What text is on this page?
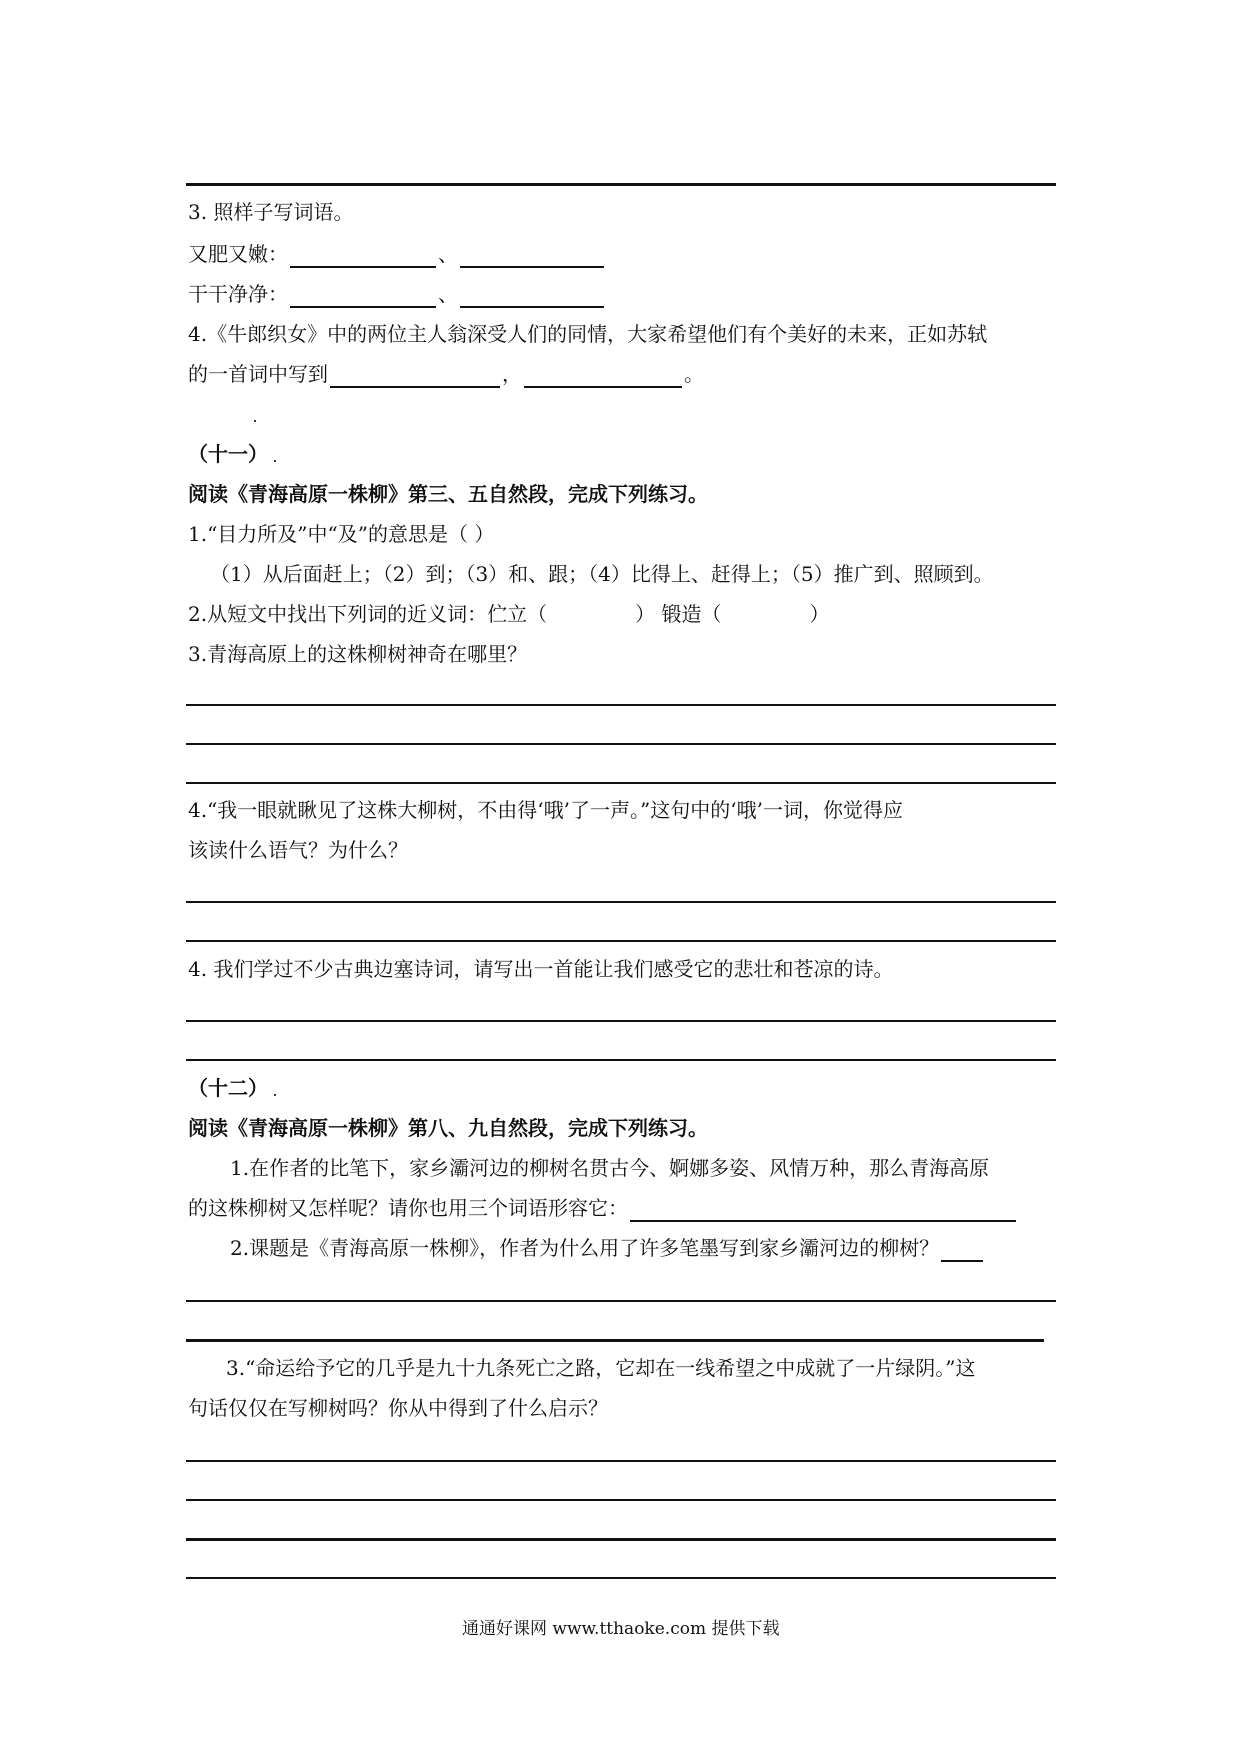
3. 照样子写词语。
又肥又嫩：	、
干干净净：	、
4.《牛郎织女》中的两位主人翁深受人们的同情，大家希望他们有个美好的未来，正如苏轼
的一首词中写到	，	。
（十一）
阅读《青海高原一株柳》第三、五自然段，完成下列练习。
1.“目力所及”中“及”的意思是（ ）
（1）从后面赶上；（2）到；（3）和、跟；（4）比得上、赶得上；（5）推广到、照顾到。
2.从短文中找出下列词的近义词：伫立（	） 锻造（	）
3.青海高原上的这株柳树神奇在哪里？
4.“我一眼就瞅见了这株大柳树，不由得‘哦’了一声。”这句中的‘哦’一词，你觉得应
该读什么语气？为什么？
4. 我们学过不少古典边塞诗词，请写出一首能让我们感受它的悲壮和苍凉的诗。
（十二）
阅读《青海高原一株柳》第八、九自然段，完成下列练习。
1.在作者的比笔下，家乡灞河边的柳树名贯古今、婀娜多姿、风情万种，那么青海高原
的这株柳树又怎样呢？请你也用三个词语形容它：
2.课题是《青海高原一株柳》，作者为什么用了许多笔墨写到家乡灞河边的柳树？
3.“命运给予它的几乎是九十九条死亡之路，它却在一线希望之中成就了一片绿阴。”这
句话仅仅在写柳树吗？你从中得到了什么启示？
通通好课网 www.tthaoke.com 提供下载
